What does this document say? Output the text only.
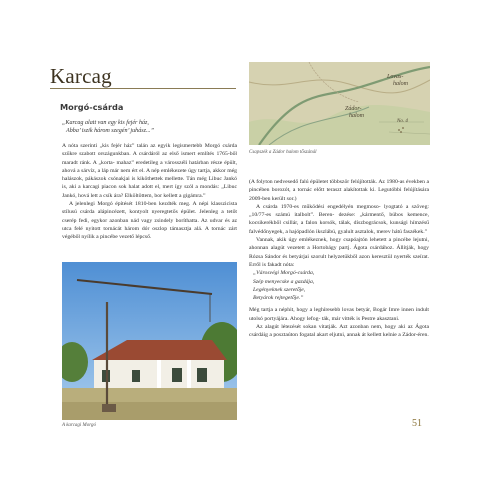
Karcag
Morgó-csárda
„Karcag alatt van egy kis fejér ház,
Abba’ iszik három szegén’ juhász...”
Lovas-
halom
Zádor-
halom
No. 4
Csapszék a Zádor halom tőszánál

A nóta szerinti „kis fejér ház” talán az egyik legismertebb Morgó csárda szűkre szabott országunkban. A csárdáról az első ismert említés 1765-ből maradt ránk. A „korta- mahaz” eredetileg a városszéli határban része épült, ahová a sárvíz, a láp már nem ért el. A nép emlékezete úgy tartja, akkor még halászok, pákászok csónakjai is kiköthettek mellette. Tán még Libuc Jankó is, aki a karcagi piacon sok halat adott el, mert így szól a mondás: „Libuc Jankó, hová lett a csík ára? Elköltöttem, bor kellett a gigámra.”

A jelenlegi Morgó építését 1810-ben kezdték meg. A népi klasszicista stílusú csárda alápincézett, kontyolt nyeregtetős épület. Jelenleg a tetőt cserép fedi, egykor azonban nád vagy zsindely boríthatta. Az udvar és az utca felé nyitott tornácát három dór oszlop támasztja alá. A tornác zárt végéből nyílik a pincébe vezető lépcső.

A karcagi Morgó

(A folyton nedvesedő falú épületet többször felújították. Az 1980-as években a pincében borozót, a tornác előtt teraszt alakítottak ki. Legutóbbi felújítására 2009-ben került sor.)

A csárda 1970-es működési engedélyén megmoso- lyogtató a szöveg: „10/77-es számú italbolt”. Beren- dezése: „kármentő, búbos kemence, kocsikerékből csillár, a falon korsók, tálak, díszbográcsok, kunsági hímzésű falvédőnyegek, a hajópadlón ikszlábú, gyalult asztalok, merev hátú faszékek.”

Vannak, akik úgy emlékeznek, hogy csapóajtón lehetett a pincébe lejutni, ahonnan alagút vezetett a Hortobágy partj. Ágota csárdához. Állítják, hogy Rózsa Sándor és betyárjai szorult helyzetükből azon keresztül nyerték szeírat. Erről is fakadt nóta:

„Városvégi Morgó-csárda,
Szép menyecske a gazdája,
Legényeknek szeretője,
Betyárok rejtegetője.”

Még tartja a néphit, hogy a leghíresebb lovas betyár, Bogár Imre innen indult utolsó portyájára. Ahogy lefog- ták, már vitték is Pestre akasztani.

Az alagút létezését sokan vitatják. Azt azonban nem, hogy aki az Ágota csárdáig a posztaúton fogatal akart eljutni, annak át kellett kelnie a Zádor-éren.

51
